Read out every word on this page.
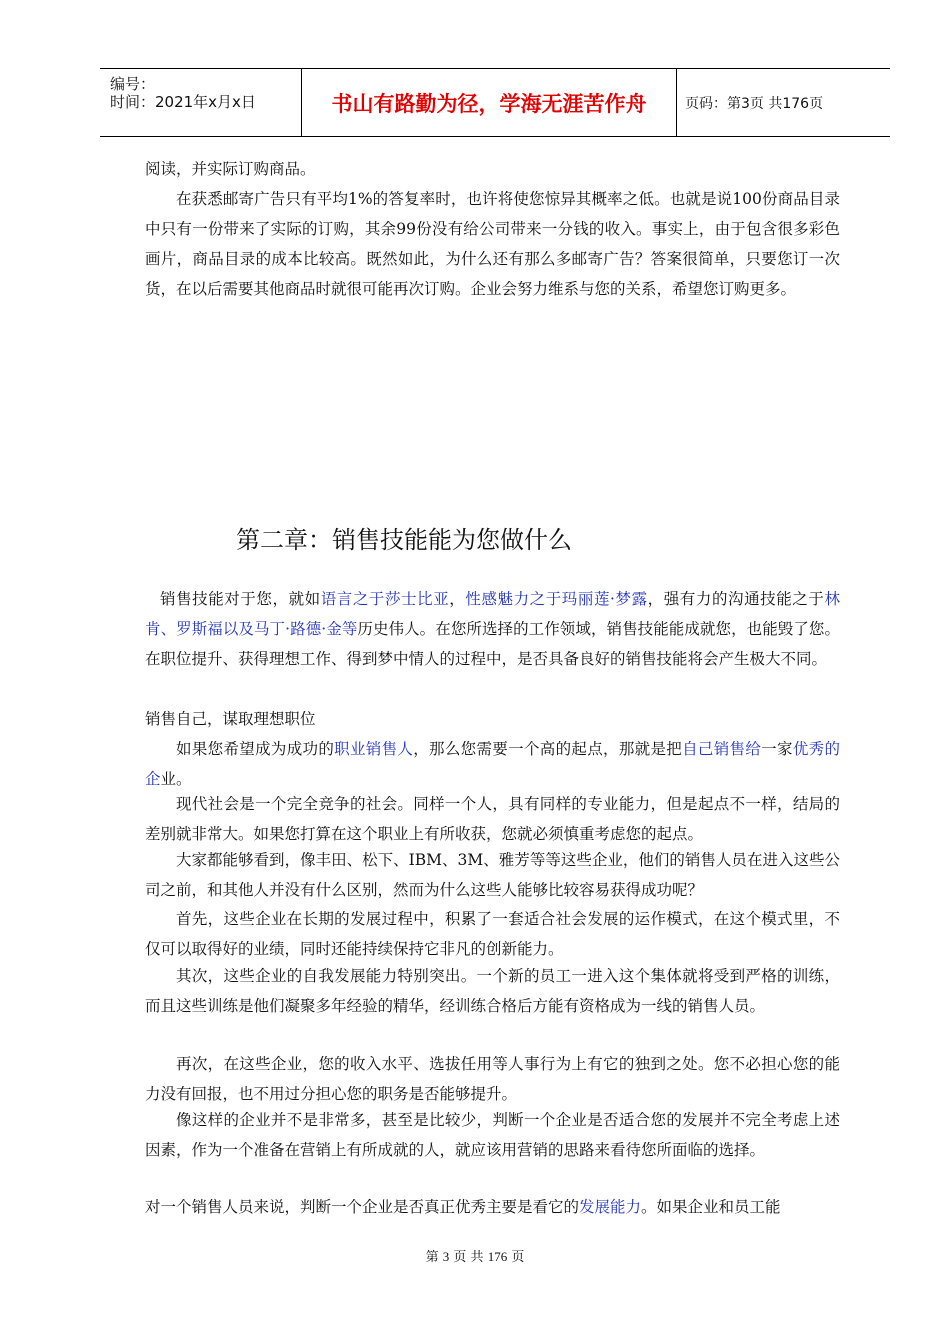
编号：
时间：2021年x月x日	书山有路勤为径，学海无涯苦作舟	页码：第3页 共176页
阅读，并实际订购商品。
在获悉邮寄广告只有平均1%的答复率时，也许将使您惊异其概率之低。也就是说100份商品目录中只有一份带来了实际的订购，其余99份没有给公司带来一分钱的收入。事实上，由于包含很多彩色画片，商品目录的成本比较高。既然如此，为什么还有那么多邮寄广告？答案很简单，只要您订一次货，在以后需要其他商品时就很可能再次订购。企业会努力维系与您的关系，希望您订购更多。
第二章：销售技能能为您做什么
销售技能对于您，就如语言之于莎士比亚，性感魅力之于玛丽莲·梦露，强有力的沟通技能之于林肯、罗斯福以及马丁·路德·金等历史伟人。在您所选择的工作领域，销售技能能成就您，也能毁了您。在职位提升、获得理想工作、得到梦中情人的过程中，是否具备良好的销售技能将会产生极大不同。
销售自己，谋取理想职位
如果您希望成为成功的职业销售人，那么您需要一个高的起点，那就是把自己销售给一家优秀的企业。
现代社会是一个完全竞争的社会。同样一个人，具有同样的专业能力，但是起点不一样，结局的差别就非常大。如果您打算在这个职业上有所收获，您就必须慎重考虑您的起点。
大家都能够看到，像丰田、松下、IBM、3M、雅芳等等这些企业，他们的销售人员在进入这些公司之前，和其他人并没有什么区别，然而为什么这些人能够比较容易获得成功呢？
首先，这些企业在长期的发展过程中，积累了一套适合社会发展的运作模式，在这个模式里，不仅可以取得好的业绩，同时还能持续保持它非凡的创新能力。
其次，这些企业的自我发展能力特别突出。一个新的员工一进入这个集体就将受到严格的训练，而且这些训练是他们凝聚多年经验的精华，经训练合格后方能有资格成为一线的销售人员。
再次，在这些企业，您的收入水平、选拔任用等人事行为上有它的独到之处。您不必担心您的能力没有回报，也不用过分担心您的职务是否能够提升。
像这样的企业并不是非常多，甚至是比较少，判断一个企业是否适合您的发展并不完全考虑上述因素，作为一个准备在营销上有所成就的人，就应该用营销的思路来看待您所面临的选择。
对一个销售人员来说，判断一个企业是否真正优秀主要是看它的发展能力。如果企业和员工能
第 3 页 共 176 页
